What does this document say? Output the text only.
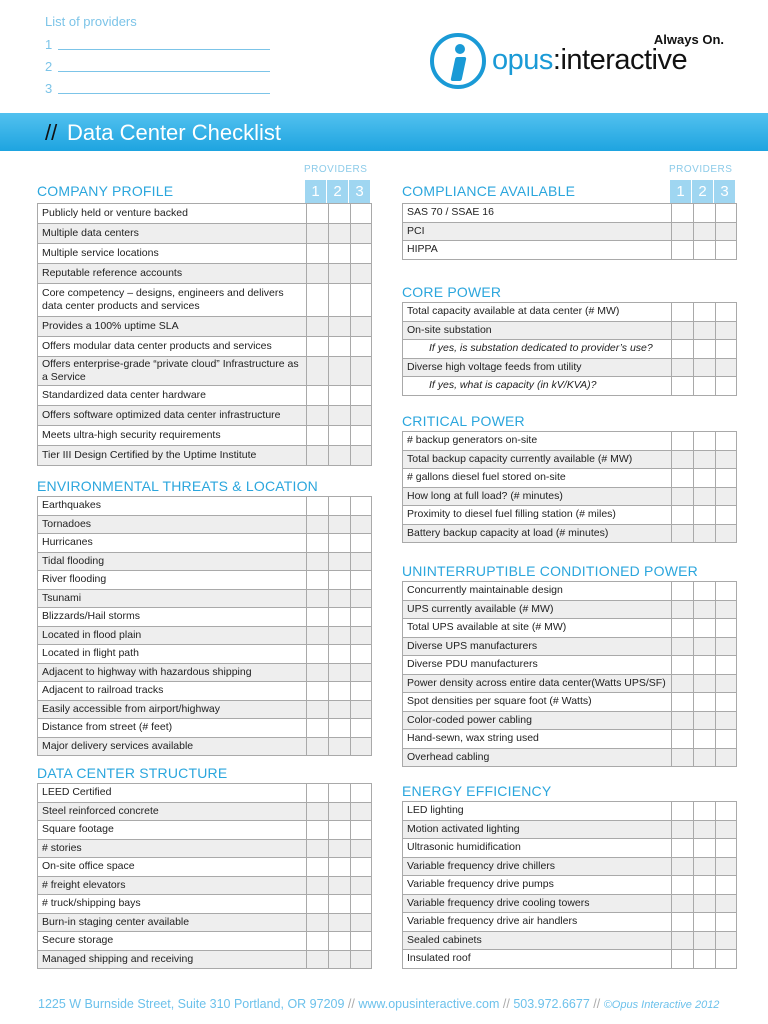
List of providers
1
2
3
Always On.
opus:interactive
// Data Center Checklist
COMPANY PROFILE
PROVIDERS
1 2 3
Publicly held or venture backed
Multiple data centers
Multiple service locations
Reputable reference accounts
Core competency – designs, engineers and delivers data center products and services
Provides a 100% uptime SLA
Offers modular data center products and services
Offers enterprise-grade “private cloud” Infrastructure as a Service
Standardized data center hardware
Offers software optimized data center infrastructure
Meets ultra-high security requirements
Tier III Design Certified by the Uptime Institute
ENVIRONMENTAL THREATS & LOCATION
Earthquakes
Tornadoes
Hurricanes
Tidal flooding
River flooding
Tsunami
Blizzards/Hail storms
Located in flood plain
Located in flight path
Adjacent to highway with hazardous shipping
Adjacent to railroad tracks
Easily accessible from airport/highway
Distance from street (# feet)
Major delivery services available
DATA CENTER STRUCTURE
LEED Certified
Steel reinforced concrete
Square footage
# stories
On-site office space
# freight elevators
# truck/shipping bays
Burn-in staging center available
Secure storage
Managed shipping and receiving
COMPLIANCE AVAILABLE
PROVIDERS
1 2 3
SAS 70 / SSAE 16
PCI
HIPPA
CORE POWER
Total capacity available at data center (# MW)
On-site substation
If yes, is substation dedicated to provider’s use?
Diverse high voltage feeds from utility
If yes, what is capacity (in kV/KVA)?
CRITICAL POWER
# backup generators on-site
Total backup capacity currently available (# MW)
# gallons diesel fuel stored on-site
How long at full load? (# minutes)
Proximity to diesel fuel filling station (# miles)
Battery backup capacity at load (# minutes)
UNINTERRUPTIBLE CONDITIONED POWER
Concurrently maintainable design
UPS currently available (# MW)
Total UPS available at site (# MW)
Diverse UPS manufacturers
Diverse PDU manufacturers
Power density across entire data center(Watts UPS/SF)
Spot densities per square foot (# Watts)
Color-coded power cabling
Hand-sewn, wax string used
Overhead cabling
ENERGY EFFICIENCY
LED lighting
Motion activated lighting
Ultrasonic humidification
Variable frequency drive chillers
Variable frequency drive pumps
Variable frequency drive cooling towers
Variable frequency drive air handlers
Sealed cabinets
Insulated roof
1225 W Burnside Street, Suite 310 Portland, OR 97209 // www.opusinteractive.com // 503.972.6677 // ©Opus Interactive 2012
